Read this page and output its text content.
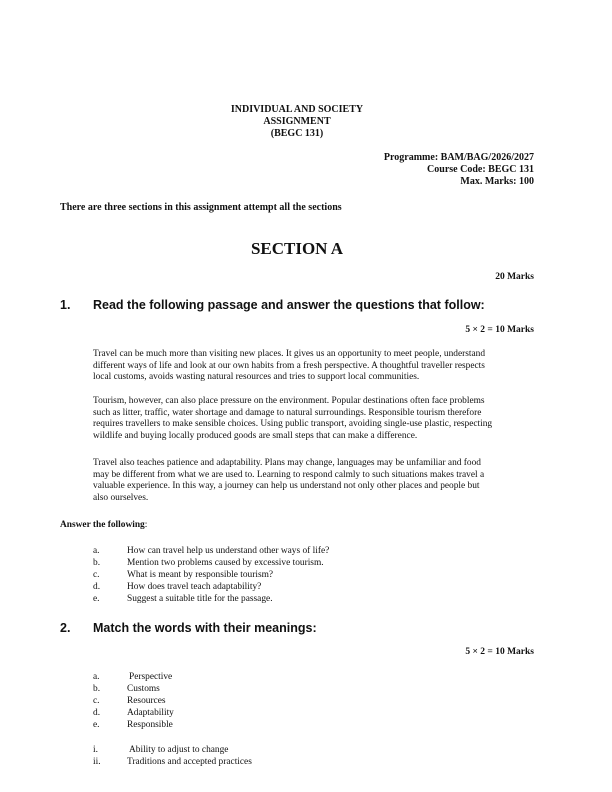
INDIVIDUAL AND SOCIETY
ASSIGNMENT
(BEGC 131)
Programme: BAM/BAG/2026/2027
Course Code: BEGC 131
Max. Marks: 100
There are three sections in this assignment attempt all the sections
SECTION A
20 Marks
1. Read the following passage and answer the questions that follow:
5 × 2 = 10 Marks
Travel can be much more than visiting new places. It gives us an opportunity to meet people, understand
different ways of life and look at our own habits from a fresh perspective. A thoughtful traveller respects
local customs, avoids wasting natural resources and tries to support local communities.
Tourism, however, can also place pressure on the environment. Popular destinations often face problems
such as litter, traffic, water shortage and damage to natural surroundings. Responsible tourism therefore
requires travellers to make sensible choices. Using public transport, avoiding single-use plastic, respecting
wildlife and buying locally produced goods are small steps that can make a difference.
Travel also teaches patience and adaptability. Plans may change, languages may be unfamiliar and food
may be different from what we are used to. Learning to respond calmly to such situations makes travel a
valuable experience. In this way, a journey can help us understand not only other places and people but
also ourselves.
Answer the following:
a.	How can travel help us understand other ways of life?
b.	Mention two problems caused by excessive tourism.
c.	What is meant by responsible tourism?
d.	How does travel teach adaptability?
e.	Suggest a suitable title for the passage.
2. Match the words with their meanings:
5 × 2 = 10 Marks
a.	Perspective
b.	Customs
c.	Resources
d.	Adaptability
e.	Responsible
i.	Ability to adjust to change
ii.	Traditions and accepted practices
